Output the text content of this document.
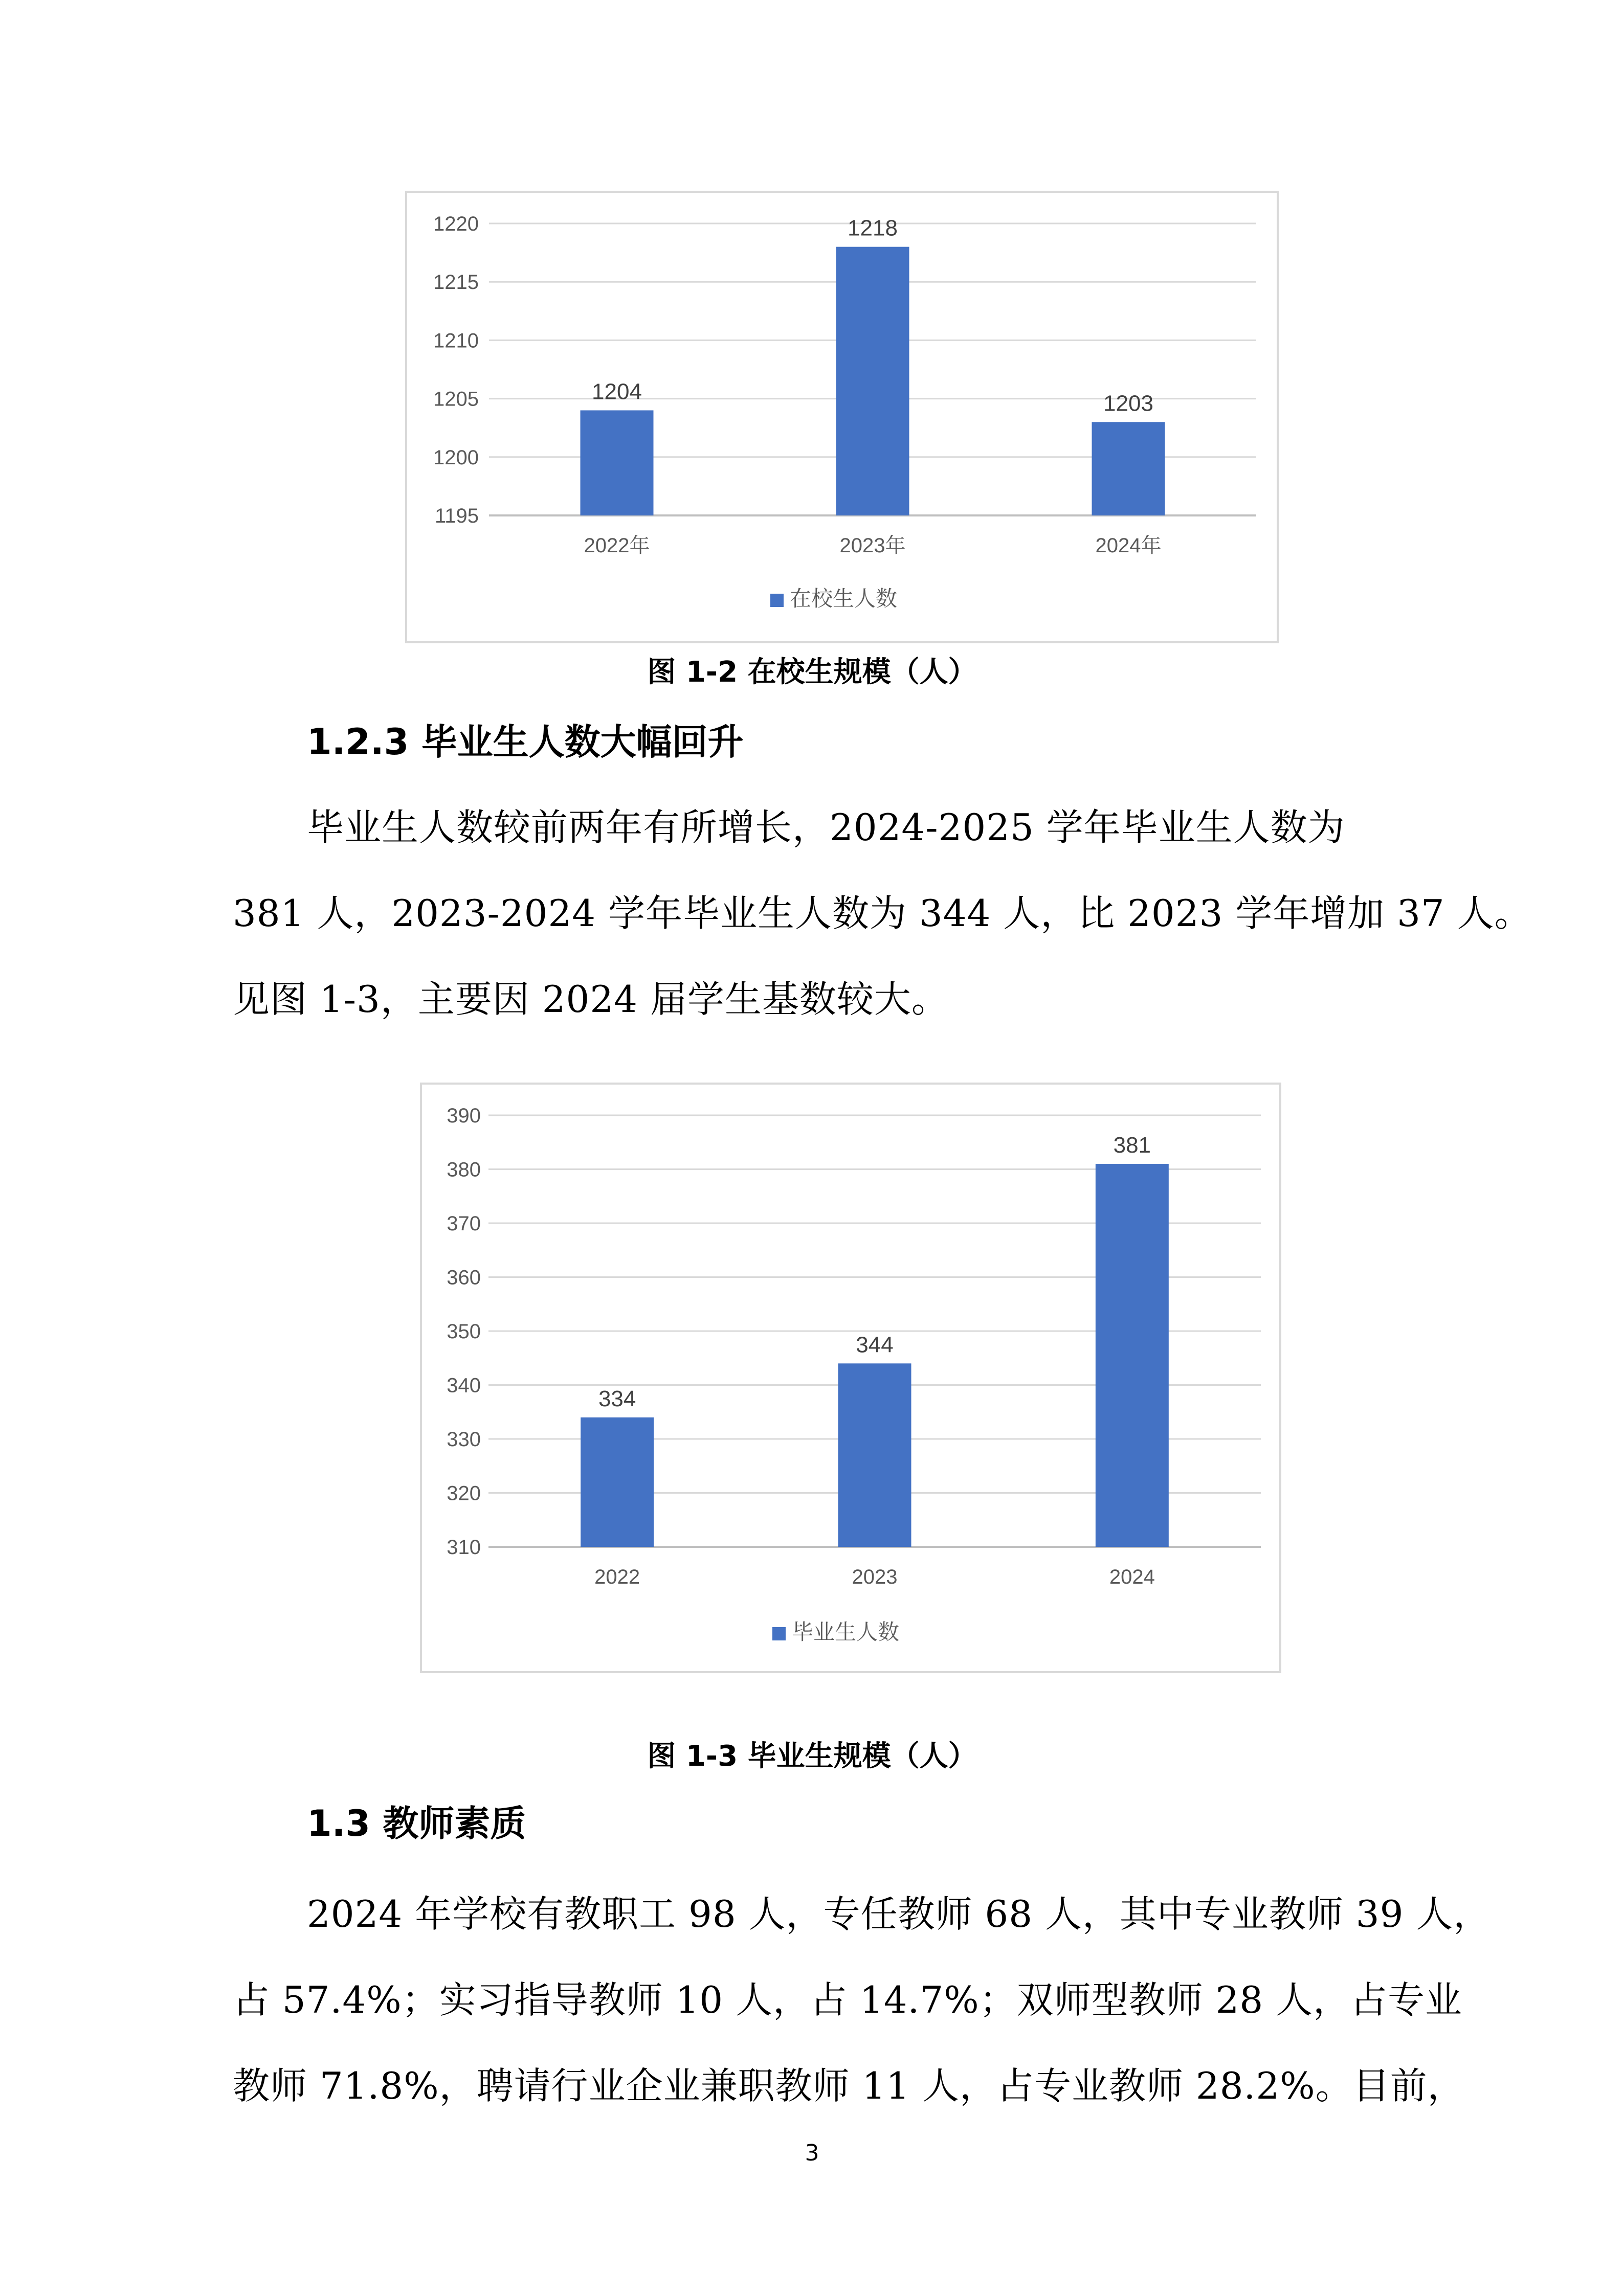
1195
1200
1205
1210
1215
1220
1204
2022年
1218
2023年
1203
2024年
在校生人数
图 1-2 在校生规模（人）
1.2.3 毕业生人数大幅回升
毕业生人数较前两年有所增长，2024-2025 学年毕业生人数为
381 人，2023-2024 学年毕业生人数为 344 人，比 2023 学年增加 37 人。
见图 1-3，主要因 2024 届学生基数较大。
310
320
330
340
350
360
370
380
390
334
2022
344
2023
381
2024
毕业生人数
图 1-3 毕业生规模（人）
1.3 教师素质
2024 年学校有教职工 98 人，专任教师 68 人，其中专业教师 39 人，
占 57.4%；实习指导教师 10 人，占 14.7%；双师型教师 28 人，占专业
教师 71.8%，聘请行业企业兼职教师 11 人，占专业教师 28.2%。目前，
3
